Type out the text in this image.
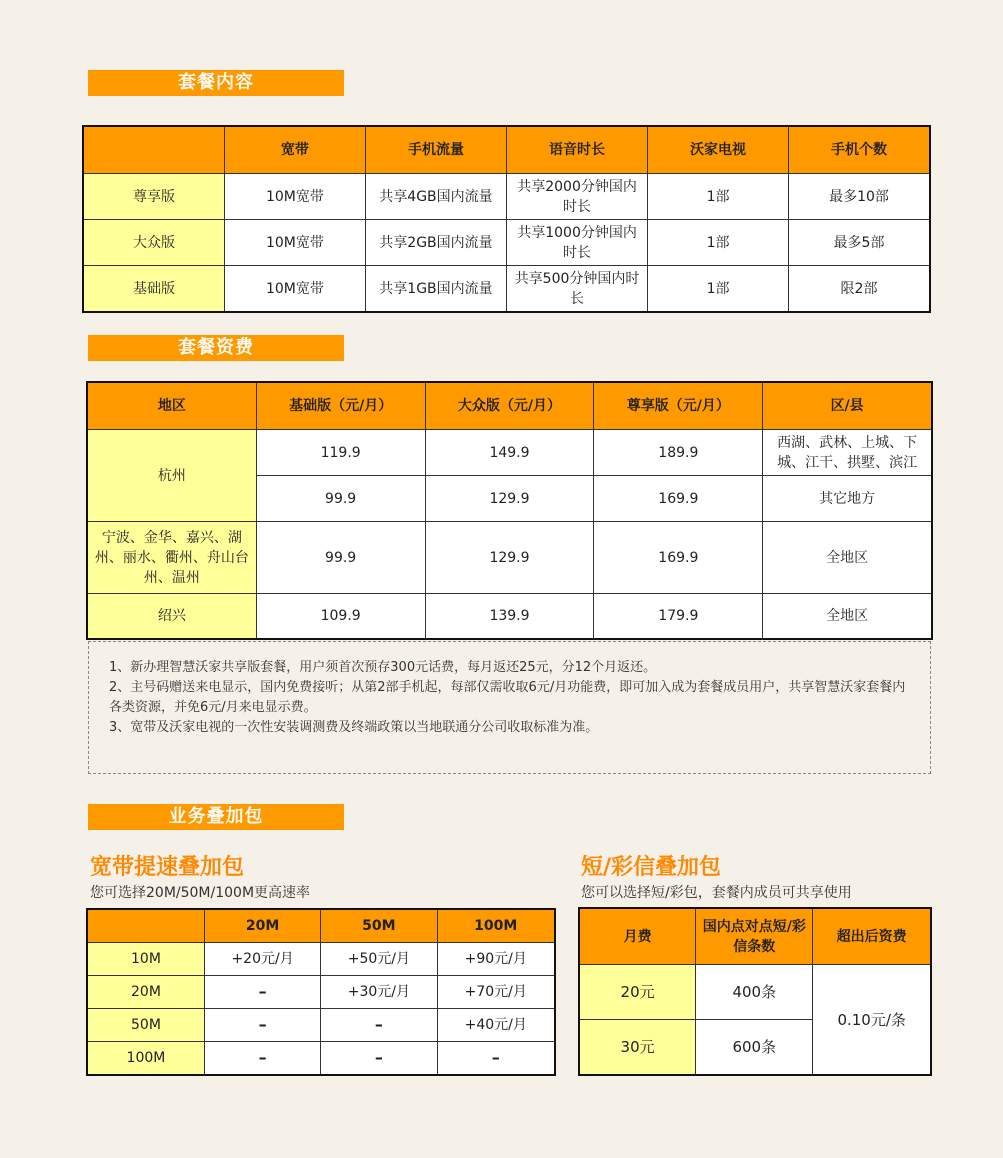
套餐内容
	宽带	手机流量	语音时长	沃家电视	手机个数
尊享版	10M宽带	共享4GB国内流量	共享2000分钟国内时长	1部	最多10部
大众版	10M宽带	共享2GB国内流量	共享1000分钟国内时长	1部	最多5部
基础版	10M宽带	共享1GB国内流量	共享500分钟国内时长	1部	限2部
套餐资费
地区	基础版（元/月）	大众版（元/月）	尊享版（元/月）	区/县
杭州	119.9	149.9	189.9	西湖、武林、上城、下城、江干、拱墅、滨江
	99.9	129.9	169.9	其它地方
宁波、金华、嘉兴、湖州、丽水、衢州、舟山台州、温州	99.9	129.9	169.9	全地区
绍兴	109.9	139.9	179.9	全地区

1、新办理智慧沃家共享版套餐，用户须首次预存300元话费，每月返还25元，分12个月返还。

2、主号码赠送来电显示，国内免费接听；从第2部手机起，每部仅需收取6元/月功能费，即可加入成为套餐成员用户，共享智慧沃家套餐内各类资源，并免6元/月来电显示费。

3、宽带及沃家电视的一次性安装调测费及终端政策以当地联通分公司收取标准为准。

业务叠加包
宽带提速叠加包
您可选择20M/50M/100M更高速率
	20M	50M	100M
10M	+20元/月	+50元/月	+90元/月
20M	–	+30元/月	+70元/月
50M	–	–	+40元/月
100M	–	–	–
短/彩信叠加包
您可以选择短/彩包，套餐内成员可共享使用
月费	国内点对点短/彩信条数	超出后资费
20元	400条	0.10元/条
30元	600条	
